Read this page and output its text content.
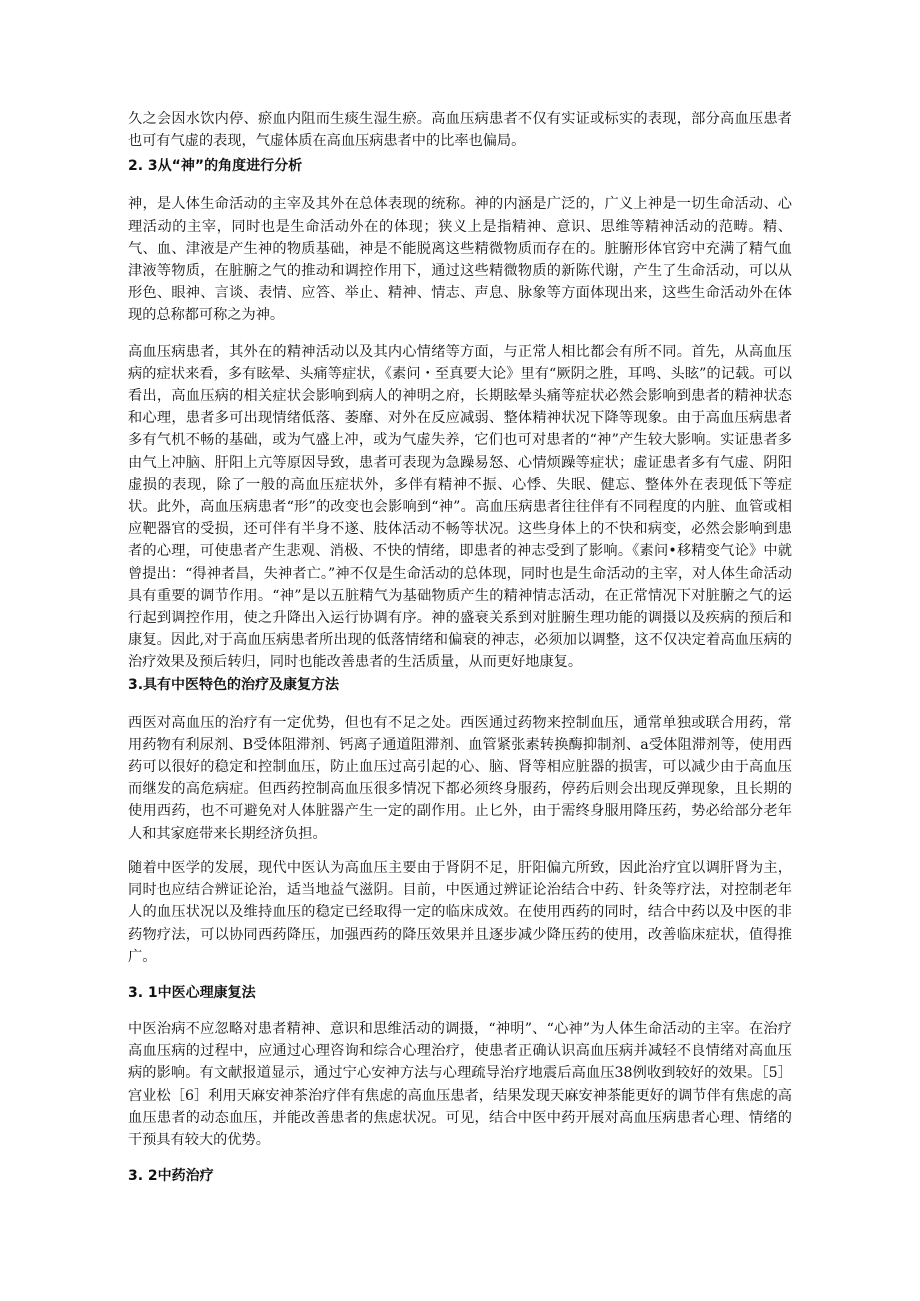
久之会因水饮内停、瘀血内阻而生痰生湿生瘀。高血压病患者不仅有实证或标实的表现，部分高血压患者也可有气虚的表现，气虚体质在高血压病患者中的比率也偏局。

2. 3从“神”的角度进行分析

神，是人体生命活动的主宰及其外在总体表现的统称。神的内涵是广泛的，广义上神是一切生命活动、心理活动的主宰，同时也是生命活动外在的体现；狭义上是指精神、意识、思维等精神活动的范畴。精、气、血、津液是产生神的物质基础，神是不能脱离这些精微物质而存在的。脏腑形体官窍中充满了精气血津液等物质，在脏腑之气的推动和调控作用下，通过这些精微物质的新陈代谢，产生了生命活动，可以从形色、眼神、言谈、表情、应答、举止、精神、情志、声息、脉象等方面体现出来，这些生命活动外在体现的总称都可称之为神。

高血压病患者，其外在的精神活动以及其内心情绪等方面，与正常人相比都会有所不同。首先，从高血压病的症状来看，多有眩晕、头痛等症状，《素问・至真要大论》里有“厥阴之胜，耳鸣、头眩”的记载。可以看出，高血压病的相关症状会影响到病人的神明之府，长期眩晕头痛等症状必然会影响到患者的精神状态和心理，患者多可出现情绪低落、萎靡、对外在反应减弱、整体精神状况下降等现象。由于高血压病患者多有气机不畅的基础，或为气盛上冲，或为气虚失养，它们也可对患者的“神”产生较大影响。实证患者多由气上冲脑、肝阳上亢等原因导致，患者可表现为急躁易怒、心情烦躁等症状；虚证患者多有气虚、阴阳虚损的表现，除了一般的高血压症状外，多伴有精神不振、心悸、失眠、健忘、整体外在表现低下等症状。此外，高血压病患者“形”的改变也会影响到“神”。高血压病患者往往伴有不同程度的内脏、血管或相应靶器官的受损，还可伴有半身不遂、肢体活动不畅等状况。这些身体上的不快和病变，必然会影响到患者的心理，可使患者产生悲观、消极、不快的情绪，即患者的神志受到了影响。《素问•移精变气论》中就曾提出：“得神者昌，失神者亡。”神不仅是生命活动的总体现，同时也是生命活动的主宰，对人体生命活动具有重要的调节作用。“神”是以五脏精气为基础物质产生的精神情志活动，在正常情况下对脏腑之气的运行起到调控作用，使之升降出入运行协调有序。神的盛衰关系到对脏腑生理功能的调摄以及疾病的预后和康复。因此,对于高血压病患者所出现的低落情绪和偏衰的神志，必须加以调整，这不仅决定着高血压病的治疗效果及预后转归，同时也能改善患者的生活质量，从而更好地康复。

3.具有中医特色的治疗及康复方法

西医对高血压的治疗有一定优势，但也有不足之处。西医通过药物来控制血压，通常单独或联合用药，常用药物有利尿剂、B受体阻滞剂、钙离子通道阻滞剂、血管紧张素转换酶抑制剂、a受体阻滞剂等，使用西药可以很好的稳定和控制血压，防止血压过高引起的心、脑、肾等相应脏器的损害，可以减少由于高血压而继发的高危病症。但西药控制高血压很多情况下都必须终身服药，停药后则会出现反弹现象，且长期的使用西药，也不可避免对人体脏器产生一定的副作用。止匕外，由于需终身服用降压药，势必给部分老年人和其家庭带来长期经济负担。

随着中医学的发展，现代中医认为高血压主要由于肾阴不足，肝阳偏亢所致，因此治疗宜以调肝肾为主，同时也应结合辨证论治，适当地益气滋阴。目前，中医通过辨证论治结合中药、针灸等疗法，对控制老年人的血压状况以及维持血压的稳定已经取得一定的临床成效。在使用西药的同时，结合中药以及中医的非药物疗法，可以协同西药降压，加强西药的降压效果并且逐步减少降压药的使用，改善临床症状，值得推广。

3. 1中医心理康复法

中医治病不应忽略对患者精神、意识和思维活动的调摄，“神明”、“心神”为人体生命活动的主宰。在治疗高血压病的过程中，应通过心理咨询和综合心理治疗，使患者正确认识高血压病并减轻不良情绪对高血压病的影响。有文献报道显示，通过宁心安神方法与心理疏导治疗地震后高血压38例收到较好的效果。［5］宫业松［6］利用天麻安神茶治疗伴有焦虑的高血压患者，结果发现天麻安神茶能更好的调节伴有焦虑的高血压患者的动态血压，并能改善患者的焦虑状况。可见，结合中医中药开展对高血压病患者心理、情绪的干预具有较大的优势。

3. 2中药治疗
